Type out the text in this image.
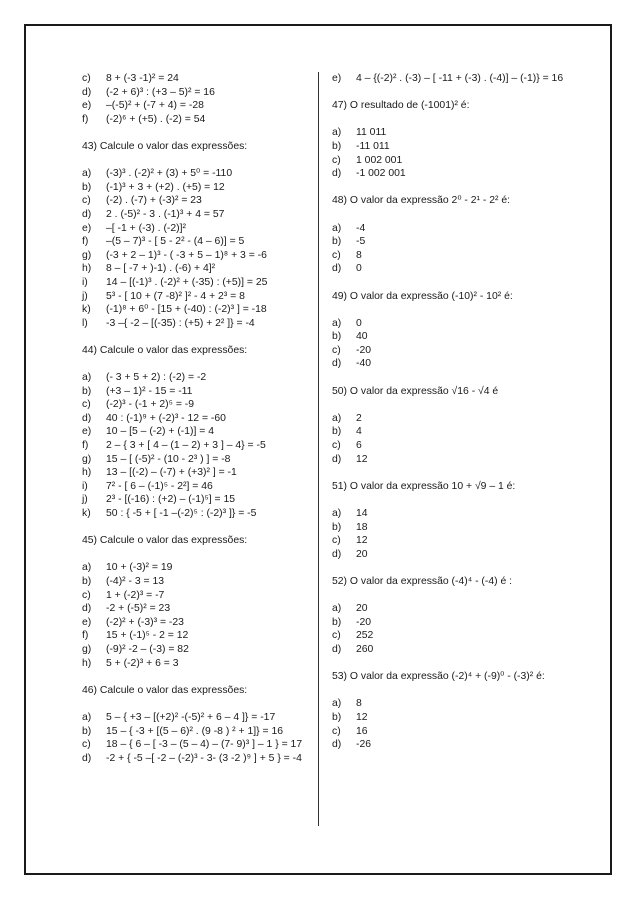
c) 8 + (-3 -1)² = 24
d) (-2 + 6)³ : (+3 – 5)² = 16
e) –(-5)² + (-7 + 4) = -28
f) (-2)⁶ + (+5) . (-2) = 54
43) Calcule o valor das expressões:
a) (-3)³ . (-2)² + (3) + 5⁰ = -110
b) (-1)³ + 3 + (+2) . (+5) = 12
c) (-2) . (-7) + (-3)² = 23
d) 2 . (-5)² - 3 . (-1)³ + 4 = 57
e) –[ -1 + (-3) . (-2)]²
f) –(5 – 7)³ - [ 5 - 2² - (4 – 6)] = 5
g) (-3 + 2 – 1)³ - ( -3 + 5 – 1)⁸ + 3 = -6
h) 8 – [ -7 + )-1) . (-6) + 4]²
i) 14 – [(-1)³ . (-2)² + (-35) : (+5)] = 25
j) 5³ - [ 10 + (7 -8)² ]² - 4 + 2³ = 8
k) (-1)⁸ + 6⁰ - [15 + (-40) : (-2)³ ] = -18
l) -3 –{ -2 – [(-35) : (+5) + 2² ]} = -4
44) Calcule o valor das expressões:
a) (- 3 + 5 + 2) : (-2) = -2
b) (+3 – 1)² - 15 = -11
c) (-2)³ - (-1 + 2)⁵ = -9
d) 40 : (-1)⁹ + (-2)³ - 12 = -60
e) 10 – [5 – (-2) + (-1)] = 4
f) 2 – { 3 + [ 4 – (1 – 2) + 3 ] – 4} = -5
g) 15 – [ (-5)² - (10 - 2³ ) ] = -8
h) 13 – [(-2) – (-7) + (+3)² ] = -1
i) 7² - [ 6 – (-1)⁵ - 2²] = 46
j) 2³ - [(-16) : (+2) – (-1)⁵] = 15
k) 50 : { -5 + [ -1 –(-2)⁵ : (-2)³ ]} = -5
45) Calcule o valor das expressões:
a) 10 + (-3)² = 19
b) (-4)² - 3 = 13
c) 1 + (-2)³ = -7
d) -2 + (-5)² = 23
e) (-2)² + (-3)³ = -23
f) 15 + (-1)⁵ - 2 = 12
g) (-9)² -2 – (-3) = 82
h) 5 + (-2)³ + 6 = 3
46) Calcule o valor das expressões:
a) 5 – { +3 – [(+2)² -(-5)² + 6 – 4 ]} = -17
b) 15 – { -3 + [(5 – 6)² . (9 -8 ) ² + 1]} = 16
c) 18 – { 6 – [ -3 – (5 – 4) – (7- 9)³ ] – 1 } = 17
d) -2 + { -5 –[ -2 – (-2)³ - 3- (3 -2 )⁹ ] + 5 } = -4
e) 4 – {(-2)² . (-3) – [ -11 + (-3) . (-4)] – (-1)} = 16
47) O resultado de (-1001)² é:
a) 11 011
b) -11 011
c) 1 002 001
d) -1 002 001
48) O valor da expressão 2⁰ - 2¹ - 2² é:
a) -4
b) -5
c) 8
d) 0
49) O valor da expressão (-10)² - 10² é:
a) 0
b) 40
c) -20
d) -40
50) O valor da expressão √16 - √4 é
a) 2
b) 4
c) 6
d) 12
51) O valor da expressão 10 + √9 – 1 é:
a) 14
b) 18
c) 12
d) 20
52) O valor da expressão (-4)⁴ - (-4) é :
a) 20
b) -20
c) 252
d) 260
53) O valor da expressão (-2)⁴ + (-9)⁰ - (-3)² é:
a) 8
b) 12
c) 16
d) -26
